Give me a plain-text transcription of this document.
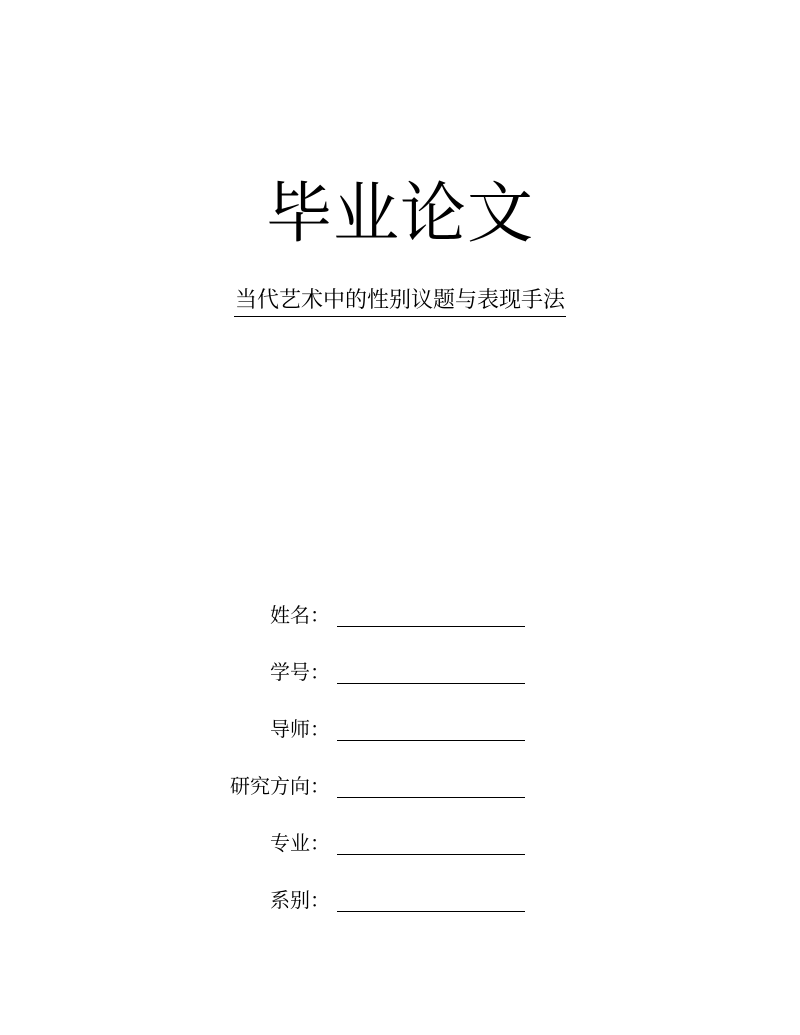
毕业论文
当代艺术中的性别议题与表现手法
姓名：
学号：
导师：
研究方向：
专业：
系别：
